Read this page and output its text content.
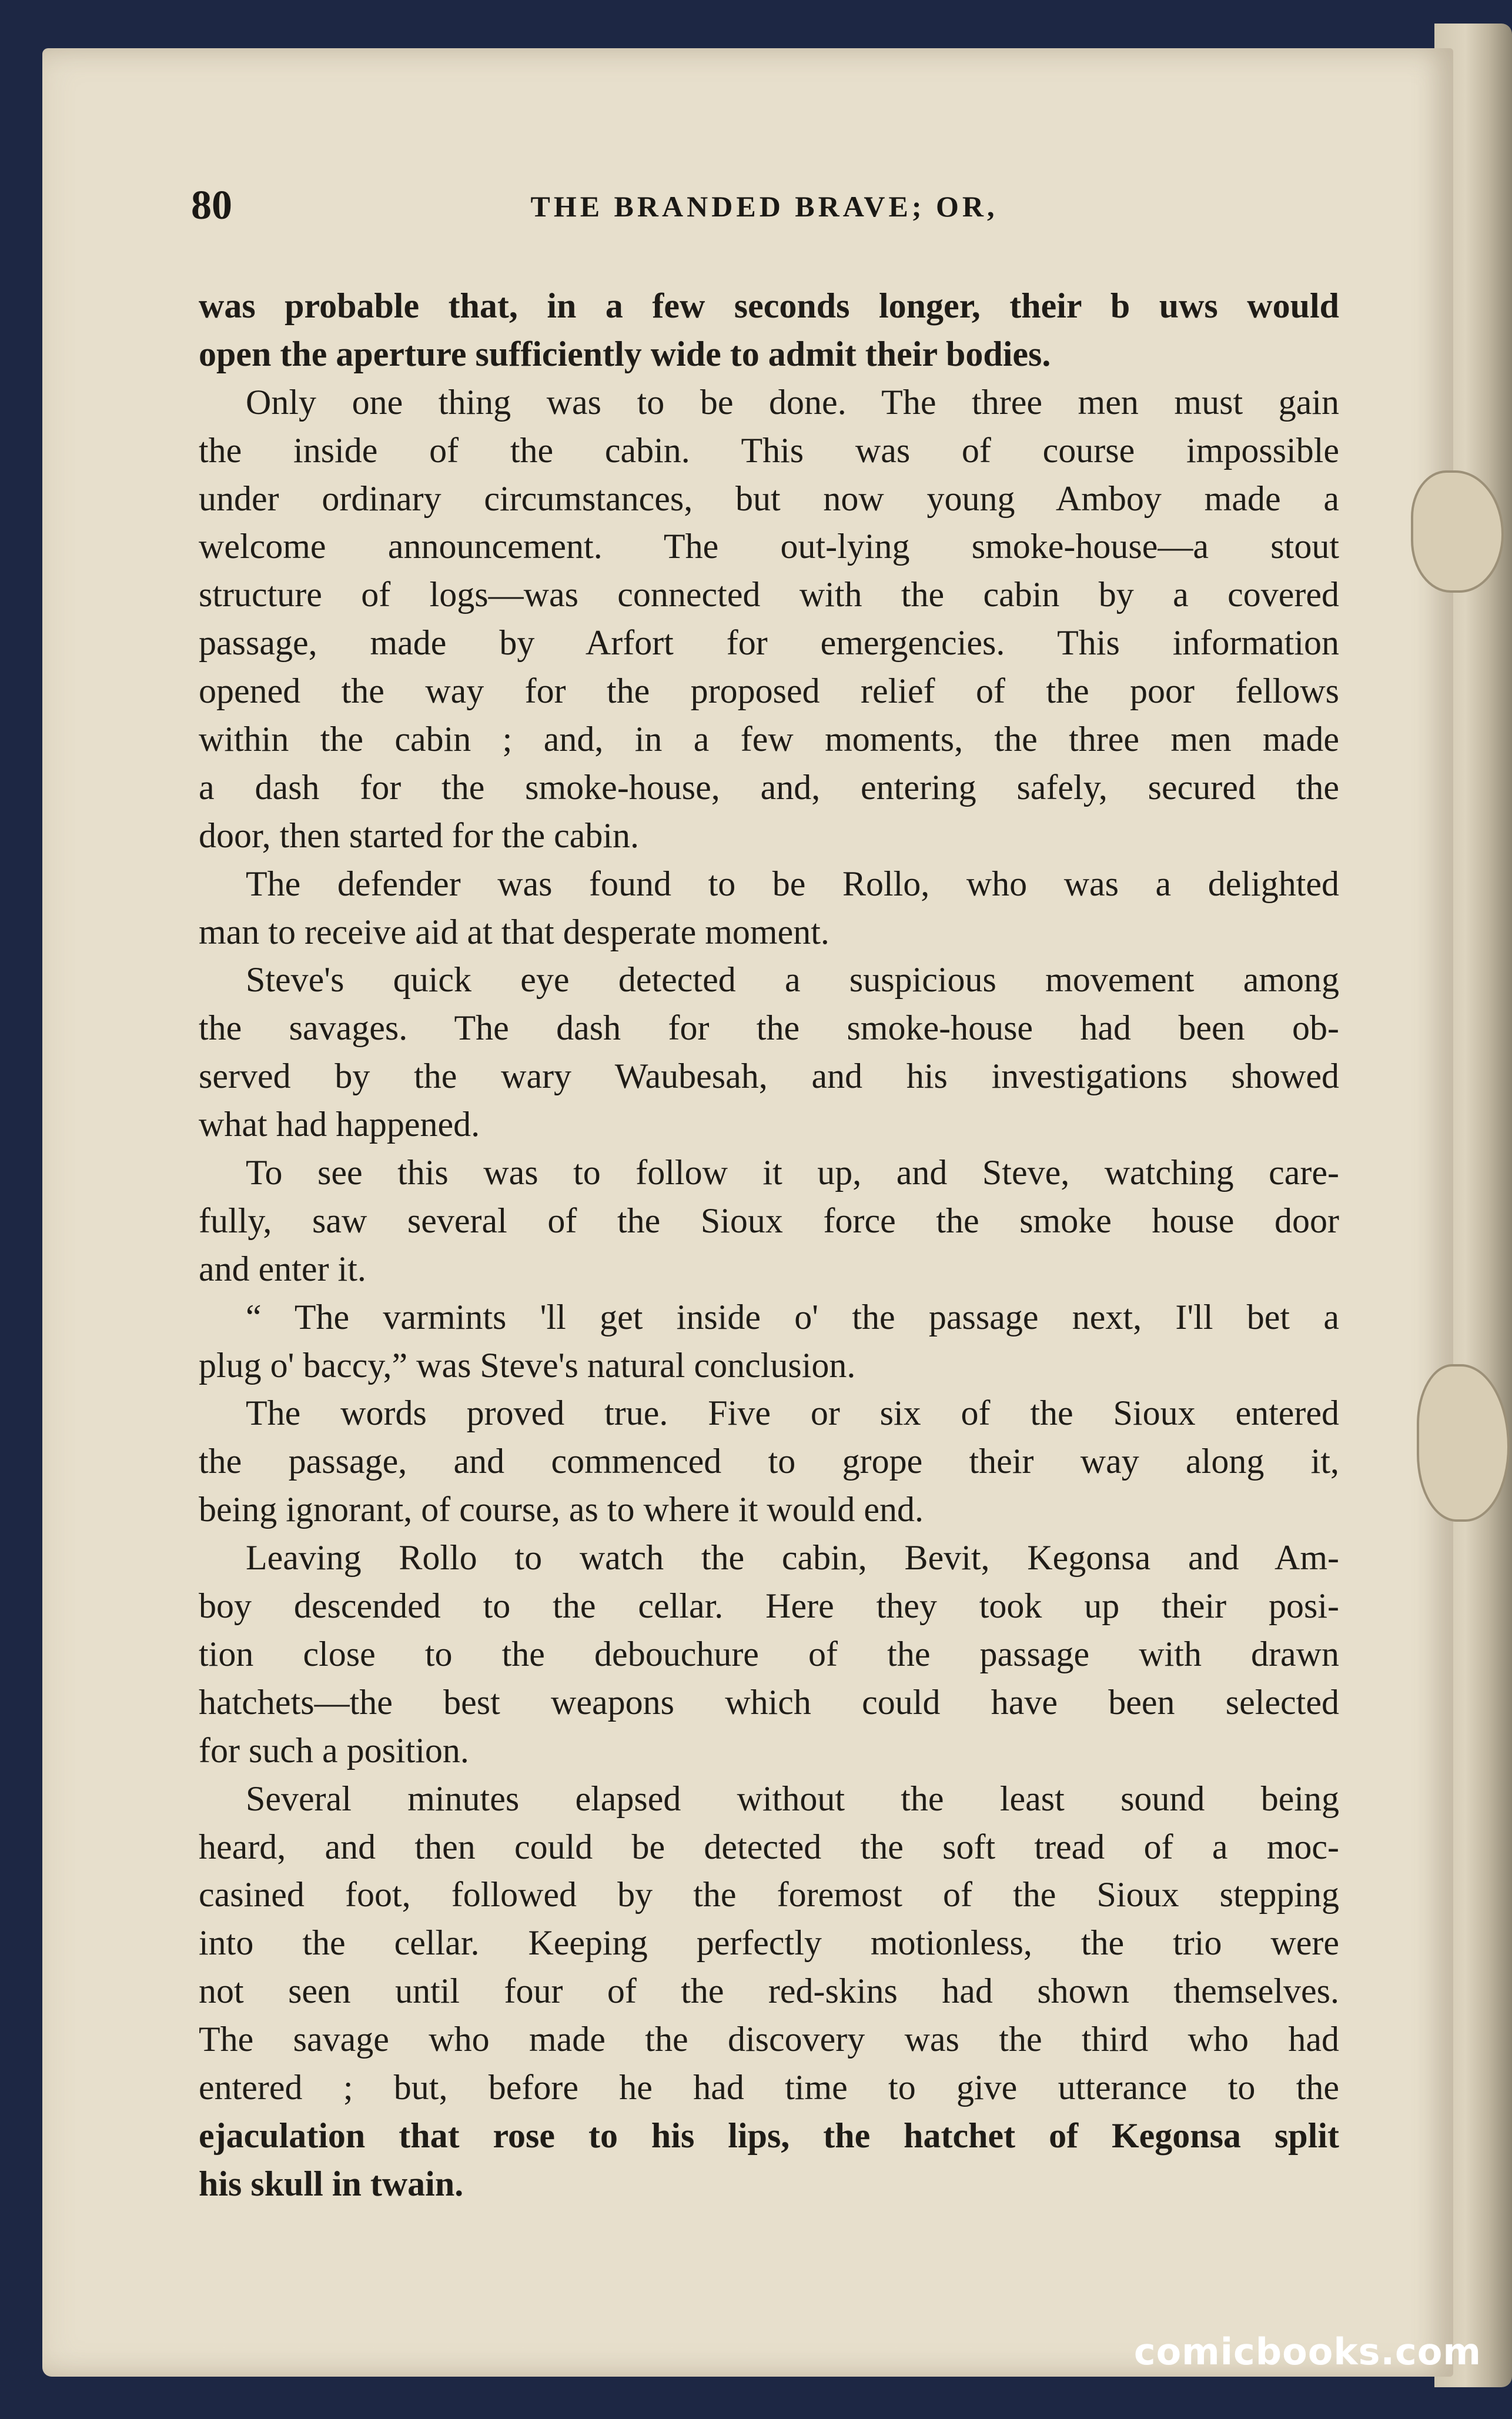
80	THE BRANDED BRAVE; OR,
was probable that, in a few seconds longer, their b uws would
open the aperture sufficiently wide to admit their bodies.
Only one thing was to be done. The three men must gain
the inside of the cabin. This was of course impossible
under ordinary circumstances, but now young Amboy made a
welcome announcement. The out-lying smoke-house—a stout
structure of logs—was connected with the cabin by a covered
passage, made by Arfort for emergencies. This information
opened the way for the proposed relief of the poor fellows
within the cabin ; and, in a few moments, the three men made
a dash for the smoke-house, and, entering safely, secured the
door, then started for the cabin.
The defender was found to be Rollo, who was a delighted
man to receive aid at that desperate moment.
Steve's quick eye detected a suspicious movement among
the savages. The dash for the smoke-house had been ob-
served by the wary Waubesah, and his investigations showed
what had happened.
To see this was to follow it up, and Steve, watching care-
fully, saw several of the Sioux force the smoke house door
and enter it.
“ The varmints 'll get inside o' the passage next, I'll bet a
plug o' baccy,” was Steve's natural conclusion.
The words proved true. Five or six of the Sioux entered
the passage, and commenced to grope their way along it,
being ignorant, of course, as to where it would end.
Leaving Rollo to watch the cabin, Bevit, Kegonsa and Am-
boy descended to the cellar. Here they took up their posi-
tion close to the debouchure of the passage with drawn
hatchets—the best weapons which could have been selected
for such a position.
Several minutes elapsed without the least sound being
heard, and then could be detected the soft tread of a moc-
casined foot, followed by the foremost of the Sioux stepping
into the cellar. Keeping perfectly motionless, the trio were
not seen until four of the red-skins had shown themselves.
The savage who made the discovery was the third who had
entered ; but, before he had time to give utterance to the
ejaculation that rose to his lips, the hatchet of Kegonsa split
his skull in twain.
comicbooks.com
